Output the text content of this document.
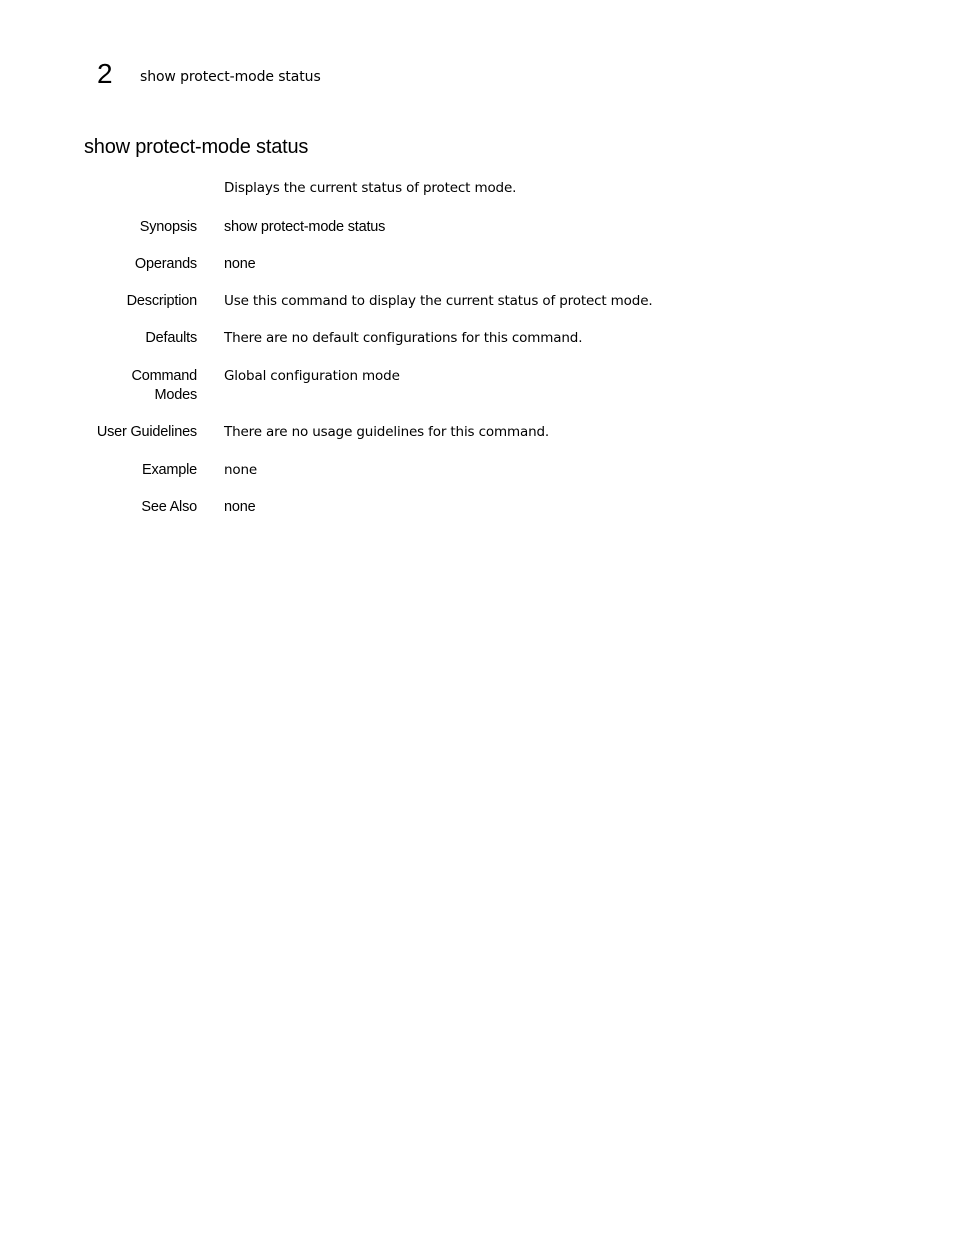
2	show protect-mode status
show protect-mode status
Displays the current status of protect mode.
Synopsis show protect-mode status
Operands none
Description Use this command to display the current status of protect mode.
Defaults There are no default configurations for this command.
Command
Modes
Global configuration mode
User Guidelines There are no usage guidelines for this command.
Example none
See Also none
